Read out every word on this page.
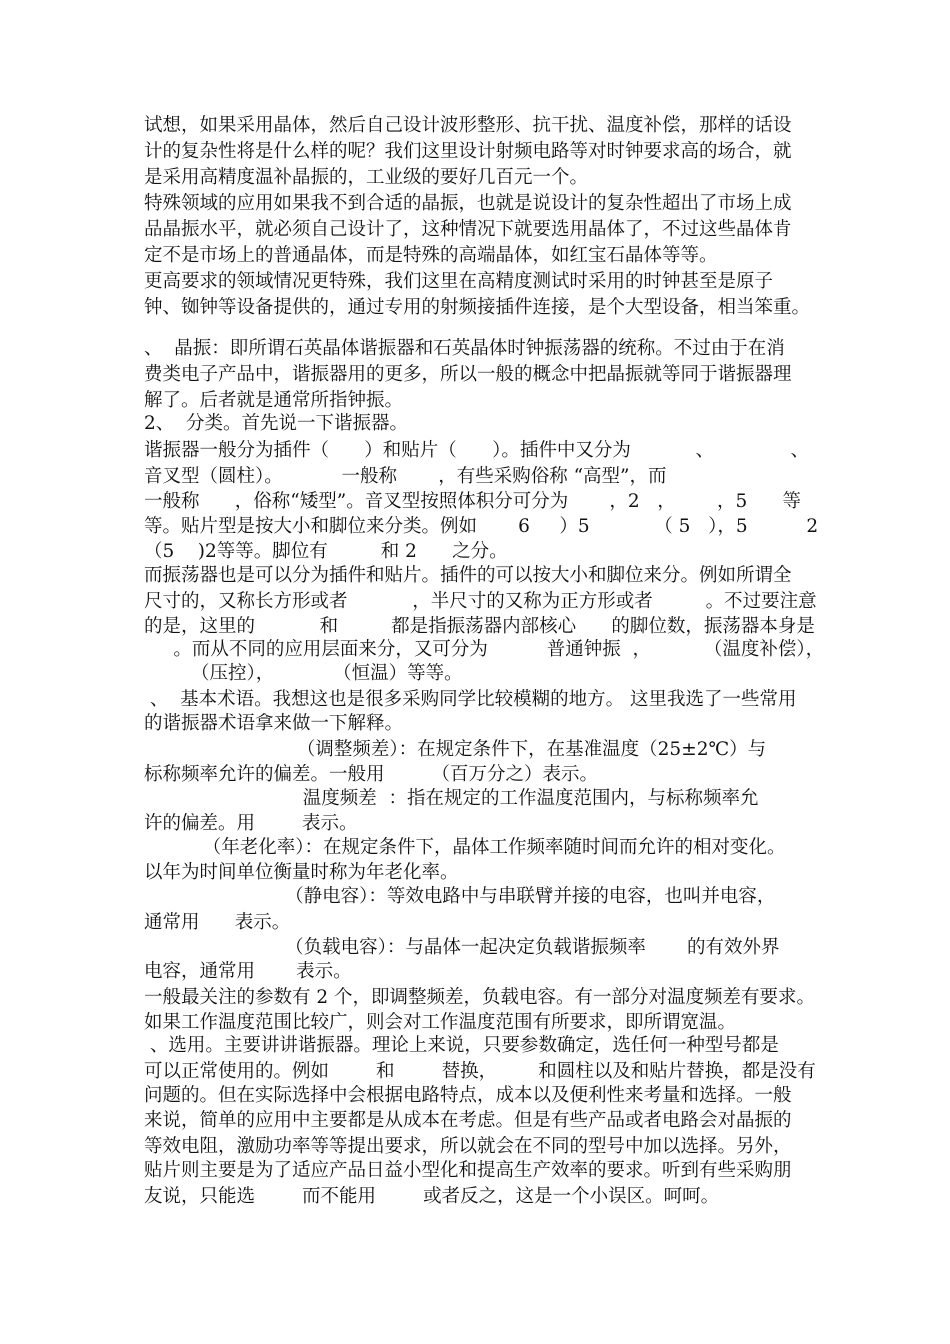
试想，如果采用晶体，然后自己设计波形整形、抗干扰、温度补偿，那样的话设
计的复杂性将是什么样的呢？我们这里设计射频电路等对时钟要求高的场合，就
是采用高精度温补晶振的，工业级的要好几百元一个。
特殊领域的应用如果我不到合适的晶振，也就是说设计的复杂性超出了市场上成
品晶振水平，就必须自己设计了，这种情况下就要选用晶体了，不过这些晶体肯
定不是市场上的普通晶体，而是特殊的高端晶体，如红宝石晶体等等。
更高要求的领域情况更特殊，我们这里在高精度测试时采用的时钟甚至是原子
钟、铷钟等设备提供的，通过专用的射频接插件连接，是个大型设备，相当笨重。
、  晶振：即所谓石英晶体谐振器和石英晶体时钟振荡器的统称。不过由于在消
费类电子产品中，谐振器用的更多，所以一般的概念中把晶振就等同于谐振器理
解了。后者就是通常所指钟振。
2、  分类。首先说一下谐振器。
谐振器一般分为插件（      ）和贴片（      ）。插件中又分为           、             、
音叉型（圆柱）。          一般称       ，有些采购俗称 “高型”，而
一般称      ，俗称“矮型”。音叉型按照体积分可分为       ，2   ，       ，5      等
等。贴片型是按大小和脚位来分类。例如       6     ）5           （ 5   ），5          2
（5    )2等等。脚位有         和 2      之分。
而振荡器也是可以分为插件和贴片。插件的可以按大小和脚位来分。例如所谓全
尺寸的，又称长方形或者           ，半尺寸的又称为正方形或者         。不过要注意
的是，这里的           和         都是指振荡器内部核心      的脚位数，振荡器本身是
。而从不同的应用层面来分，又可分为          普通钟振  ，         （温度补偿），
（压控），          （恒温）等等。
、  基本术语。我想这也是很多采购同学比较模糊的地方。 这里我选了一些常用
的谐振器术语拿来做一下解释。
（调整频差）：在规定条件下，在基准温度（25±2℃）与
标称频率允许的偏差。一般用        （百万分之）表示。
温度频差  ：指在规定的工作温度范围内，与标称频率允
许的偏差。用        表示。
（年老化率）：在规定条件下，晶体工作频率随时间而允许的相对变化。
以年为时间单位衡量时称为年老化率。
（静电容）：等效电路中与串联臂并接的电容，也叫并电容，
通常用      表示。
（负载电容）：与晶体一起决定负载谐振频率       的有效外界
电容，通常用       表示。
一般最关注的参数有 2 个，即调整频差，负载电容。有一部分对温度频差有要求。
如果工作温度范围比较广，则会对工作温度范围有所要求，即所谓宽温。
、选用。主要讲讲谐振器。理论上来说，只要参数确定，选任何一种型号都是
可以正常使用的。例如        和        替换，       和圆柱以及和贴片替换，都是没有
问题的。但在实际选择中会根据电路特点，成本以及便利性来考量和选择。一般
来说，简单的应用中主要都是从成本在考虑。但是有些产品或者电路会对晶振的
等效电阻，激励功率等等提出要求，所以就会在不同的型号中加以选择。另外，
贴片则主要是为了适应产品日益小型化和提高生产效率的要求。听到有些采购朋
友说，只能选        而不能用        或者反之，这是一个小误区。呵呵。
